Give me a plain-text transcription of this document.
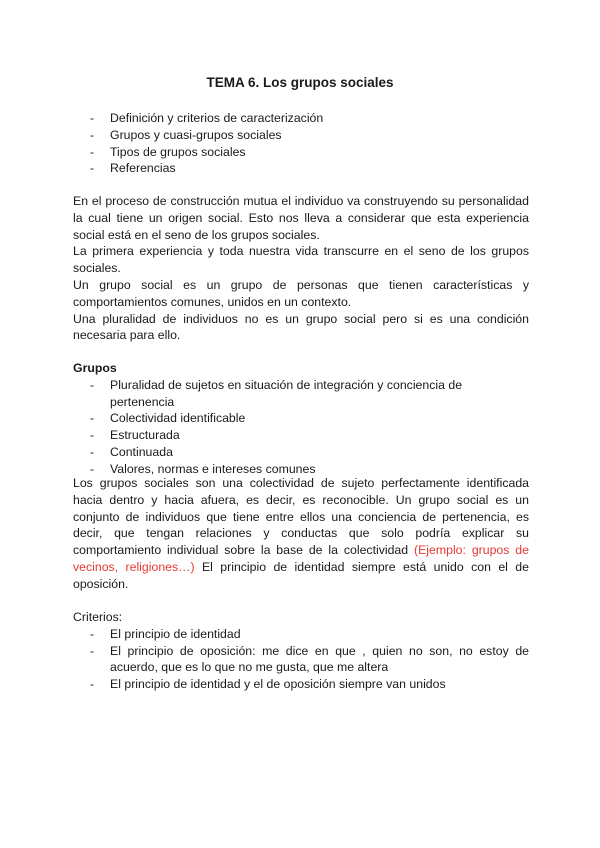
TEMA 6. Los grupos sociales
- Definición y criterios de caracterización
- Grupos y cuasi-grupos sociales
- Tipos de grupos sociales
- Referencias

En el proceso de construcción mutua el individuo va construyendo su personalidad la cual tiene un origen social. Esto nos lleva a considerar que esta experiencia social está en el seno de los grupos sociales.

La primera experiencia y toda nuestra vida transcurre en el seno de los grupos sociales.

Un grupo social es un grupo de personas que tienen características y comportamientos comunes, unidos en un contexto.

Una pluralidad de individuos no es un grupo social pero si es una condición necesaria para ello.

Grupos
- Pluralidad de sujetos en situación de integración y conciencia de pertenencia
- Colectividad identificable
- Estructurada
- Continuada
- Valores, normas e intereses comunes

Los grupos sociales son una colectividad de sujeto perfectamente identificada hacia dentro y hacia afuera, es decir, es reconocible. Un grupo social es un conjunto de individuos que tiene entre ellos una conciencia de pertenencia, es decir, que tengan relaciones y conductas que solo podría explicar su comportamiento individual sobre la base de la colectividad (Ejemplo: grupos de vecinos, religiones…) El principio de identidad siempre está unido con el de oposición.

Criterios:
- El principio de identidad
- El principio de oposición: me dice en que , quien no son, no estoy de acuerdo, que es lo que no me gusta, que me altera
- El principio de identidad y el de oposición siempre van unidos
